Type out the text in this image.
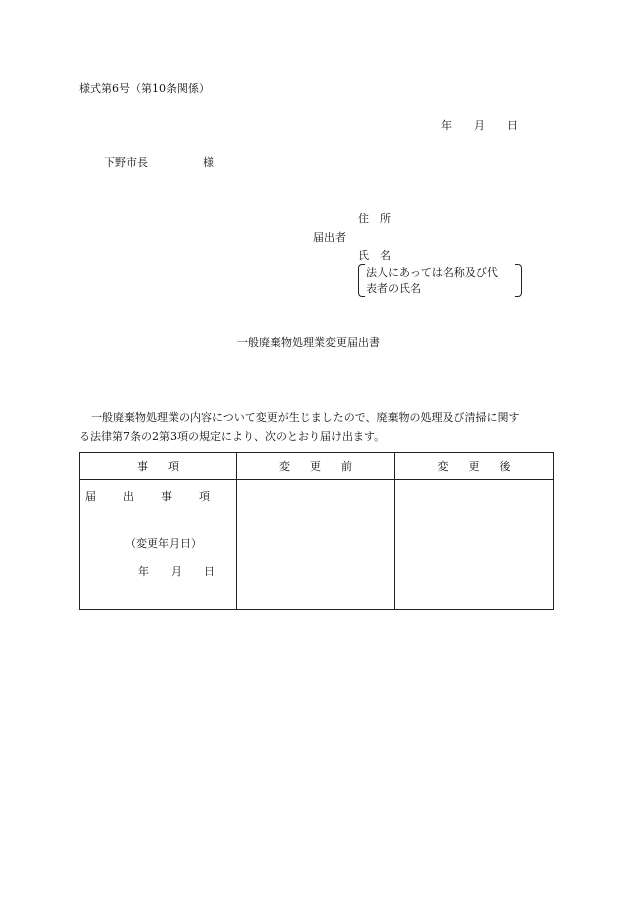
様式第6号（第10条関係）
年　　月　　日
下野市長　　　　　様
住　所
届出者
氏　名
法人にあっては名称及び代
表者の氏名
一般廃棄物処理業変更届出書
一般廃棄物処理業の内容について変更が生じましたので、廃棄物の処理及び清掃に関す
る法律第7条の2第3項の規定により、次のとおり届け出ます。
事項	変更前	変更後

届出事項
（変更年月日）
年　　月　　日		
